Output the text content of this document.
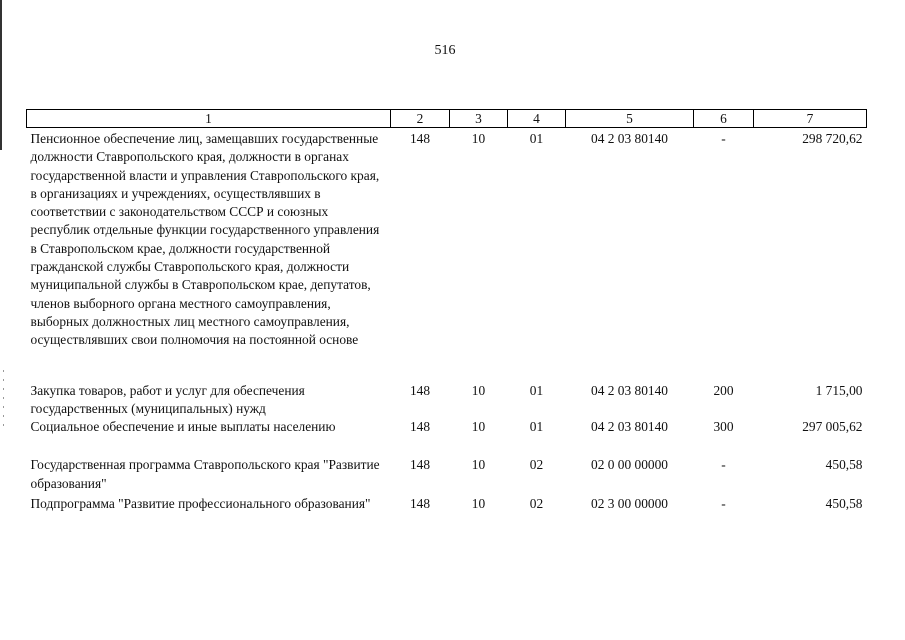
516
1	2	3	4	5	6	7
Пенсионное обеспечение лиц, замещавших государственные должности Ставропольского края, должности в органах государственной власти и управления Ставропольского края, в организациях и учреждениях, осуществлявших в соответствии с законодательством СССР и союзных республик отдельные функции государственного управления в Ставропольском крае, должности государственной гражданской службы Ставропольского края, должности муниципальной службы в Ставропольском крае, депутатов, членов выборного органа местного самоуправления, выборных должностных лиц местного самоуправления, осуществлявших свои полномочия на постоянной основе	148	10	01	04 2 03 80140	-	298 720,62
Закупка товаров, работ и услуг для обеспечения государственных (муниципальных) нужд	148	10	01	04 2 03 80140	200	1 715,00
Социальное обеспечение и иные выплаты населению	148	10	01	04 2 03 80140	300	297 005,62
Государственная программа Ставропольского края "Развитие образования"	148	10	02	02 0 00 00000	-	450,58
Подпрограмма "Развитие профессионального образования"	148	10	02	02 3 00 00000	-	450,58
